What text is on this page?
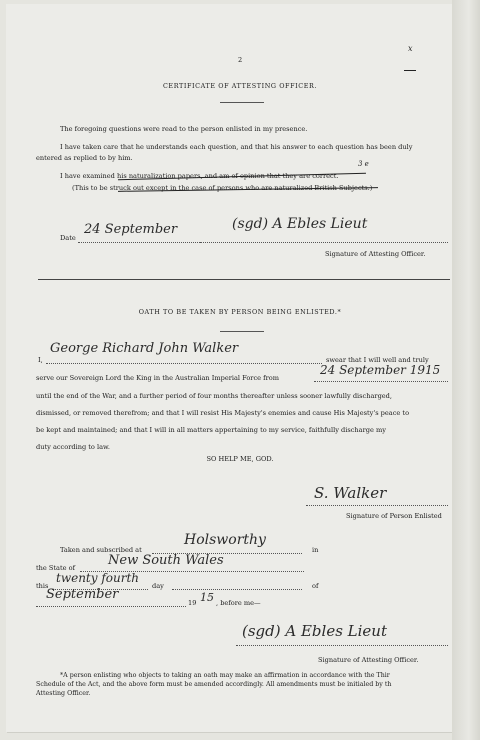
2
x
CERTIFICATE OF ATTESTING OFFICER.
The foregoing questions were read to the person enlisted in my presence.
I have taken care that he understands each question, and that his answer to each question has been duly
entered as replied to by him.
I have examined his naturalization papers, and am of opinion that they are correct.
(This to be struck out except in the case of persons who are naturalized British Subjects.)
3 e
Date
24 September	(sgd) A Ebles Lieut
Signature of Attesting Officer.
OATH TO BE TAKEN BY PERSON BEING ENLISTED.*
I,
George Richard John Walker
swear that I will well and truly
serve our Sovereign Lord the King in the Australian Imperial Force from
24 September 1915
until the end of the War, and a further period of four months thereafter unless sooner lawfully discharged,
dismissed, or removed therefrom; and that I will resist His Majesty's enemies and cause His Majesty's peace to
be kept and maintained; and that I will in all matters appertaining to my service, faithfully discharge my
duty according to law.
SO HELP ME, GOD.
S. Walker
Signature of Person Enlisted
Taken and subscribed at
Holsworthy
in
the State of	New South Wales
this
twenty fourth
day	of
September
19 15 , before me—
(sgd) A Ebles Lieut
Signature of Attesting Officer.
*A person enlisting who objects to taking an oath may make an affirmation in accordance with the Thir
Schedule of the Act, and the above form must be amended accordingly. All amendments must be initialed by th
Attesting Officer.
